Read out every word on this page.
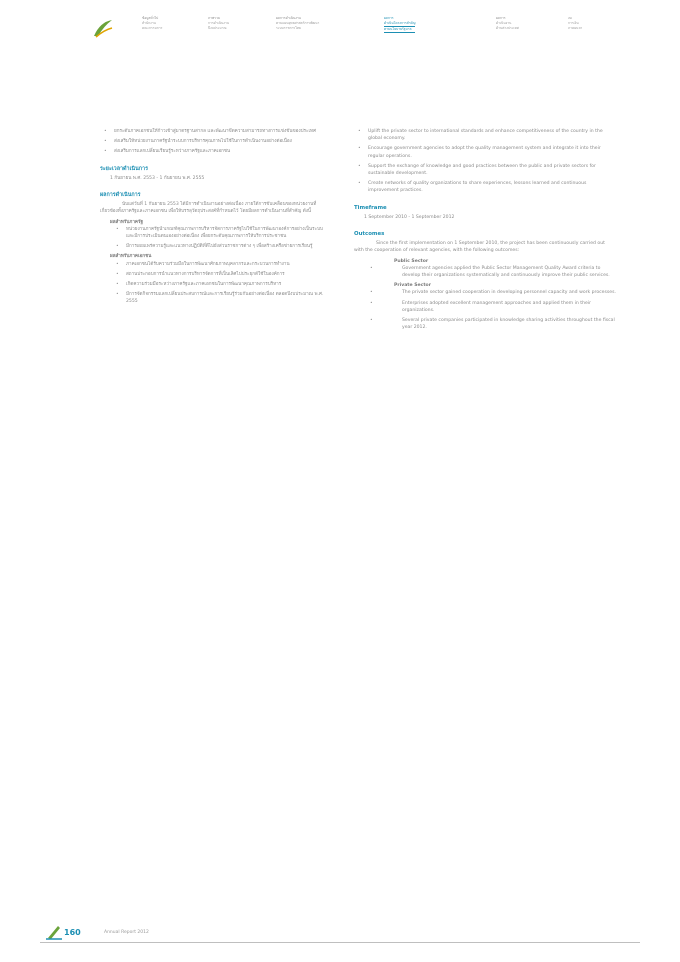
ข้อมูลทั่วไป
สำนักงาน
คณะกรรมการ
ภาพรวม
การดำเนินงาน
ปีงบประมาณ
ผลการดำเนินงาน
ตามแผนยุทธศาสตร์การพัฒนา
ระบบราชการไทย
ผลการ
ดำเนินโครงการสำคัญ
ตามนโยบายรัฐบาล
ผลการ
ดำเนินงาน
ด้านต่างประเทศ
งบ
การเงิน
ภาคผนวก
• ยกระดับภาคเอกชนให้ก้าวเข้าสู่มาตรฐานสากล และพัฒนาขีดความสามารถทางการแข่งขันของประเทศ
• ส่งเสริมให้หน่วยงานภาครัฐนำระบบการบริหารคุณภาพไปใช้ในการดำเนินงานอย่างต่อเนื่อง
• ส่งเสริมการแลกเปลี่ยนเรียนรู้ระหว่างภาครัฐและภาคเอกชน
ระยะเวลาดำเนินการ
1 กันยายน พ.ศ. 2553 - 1 กันยายน พ.ศ. 2555
ผลการดำเนินการ
นับแต่วันที่ 1 กันยายน 2553 ได้มีการดำเนินงานอย่างต่อเนื่อง ภายใต้การขับเคลื่อนของหน่วยงานที่เกี่ยวข้องทั้งภาครัฐและภาคเอกชน เพื่อให้บรรลุวัตถุประสงค์ที่กำหนดไว้ โดยมีผลการดำเนินงานที่สำคัญ ดังนี้
ผลสำหรับภาครัฐ
• หน่วยงานภาครัฐนำเกณฑ์คุณภาพการบริหารจัดการภาครัฐไปใช้ในการพัฒนาองค์การอย่างเป็นระบบ และมีการประเมินตนเองอย่างต่อเนื่อง เพื่อยกระดับคุณภาพการให้บริการประชาชน
• มีการเผยแพร่ความรู้และแนวทางปฏิบัติที่ดีไปยังส่วนราชการต่าง ๆ เพื่อสร้างเครือข่ายการเรียนรู้
ผลสำหรับภาคเอกชน
• ภาคเอกชนได้รับความร่วมมือในการพัฒนาศักยภาพบุคลากรและกระบวนการทำงาน
• สถานประกอบการนำแนวทางการบริหารจัดการที่เป็นเลิศไปประยุกต์ใช้ในองค์การ
• เกิดความร่วมมือระหว่างภาครัฐและภาคเอกชนในการพัฒนาคุณภาพการบริหาร
• มีการจัดกิจกรรมแลกเปลี่ยนประสบการณ์และการเรียนรู้ร่วมกันอย่างต่อเนื่อง ตลอดปีงบประมาณ พ.ศ. 2555
• Uplift the private sector to international standards and enhance competitiveness of the country in the global economy.
• Encourage government agencies to adopt the quality management system and integrate it into their regular operations.
• Support the exchange of knowledge and good practices between the public and private sectors for sustainable development.
• Create networks of quality organizations to share experiences, lessons learned and continuous improvement practices.
Timeframe
1 September 2010 - 1 September 2012
Outcomes
Since the first implementation on 1 September 2010, the project has been continuously carried out with the cooperation of relevant agencies, with the following outcomes:
Public Sector
• Government agencies applied the Public Sector Management Quality Award criteria to develop their organizations systematically and continuously improve their public services.
Private Sector
• The private sector gained cooperation in developing personnel capacity and work processes.
• Enterprises adopted excellent management approaches and applied them in their organizations.
• Several private companies participated in knowledge sharing activities throughout the fiscal year 2012.
160	Annual Report 2012
